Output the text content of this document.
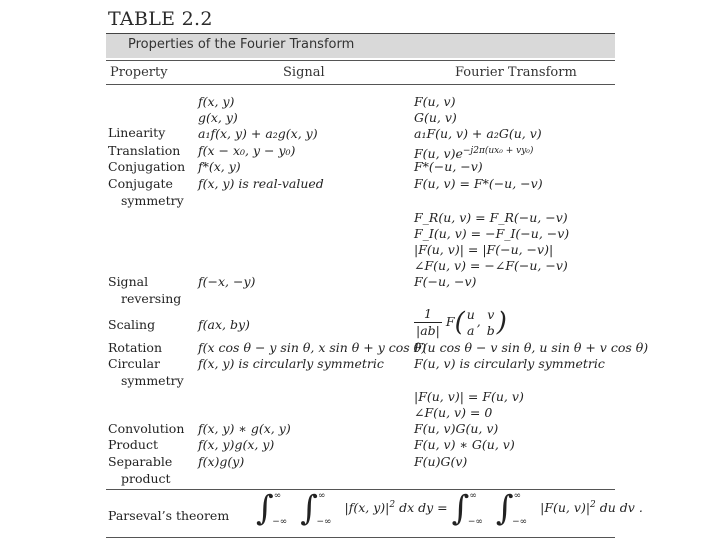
TABLE 2.2
Properties of the Fourier Transform
Property	Signal	Fourier Transform
Linearity
Translation
Conjugation
Conjugate
symmetry
Signal
reversing
Scaling
Rotation
Circular
symmetry
Convolution
Product
Separable
product
f(x, y)
g(x, y)
a₁f(x, y) + a₂g(x, y)
f(x − x₀, y − y₀)
f*(x, y)
f(x, y) is real-valued
f(−x, −y)
f(ax, by)
f(x cos θ − y sin θ, x sin θ + y cos θ)
f(x, y) is circularly symmetric
f(x, y) ∗ g(x, y)
f(x, y)g(x, y)
f(x)g(y)
F(u, v)
G(u, v)
a₁F(u, v) + a₂G(u, v)
F(u, $v)e^{-j2\pi(ux_0 + vy_0)}$
F*(−u, −v)
F(u, v) = F*(−u, −v)
F_R(u, v) = F_R(−u, −v)
F_I(u, v) = −F_I(−u, −v)
|F(u, v)| = |F(−u, −v)|
∠F(u, v) = −∠F(−u, −v)
F(−u, −v)
$\frac{1}{|ab|} F$( u
a
, v
b )
F(u cos θ − v sin θ, u sin θ + v cos θ)
F(u, v) is circularly symmetric
|F(u, v)| = F(u, v)
∠F(u, v) = 0
F(u, v)G(u, v)
F(u, v) ∗ G(u, v)
F(u)G(v)
Parseval’s theorem $\int^\infty_{-\infty}$ $\int^\infty_{-\infty}$ |f(x, $y)|^2$ dx dy = $\int^\infty_{-\infty}$ $\int^\infty_{-\infty}$ |F(u, $v)|^2$ du dv .
